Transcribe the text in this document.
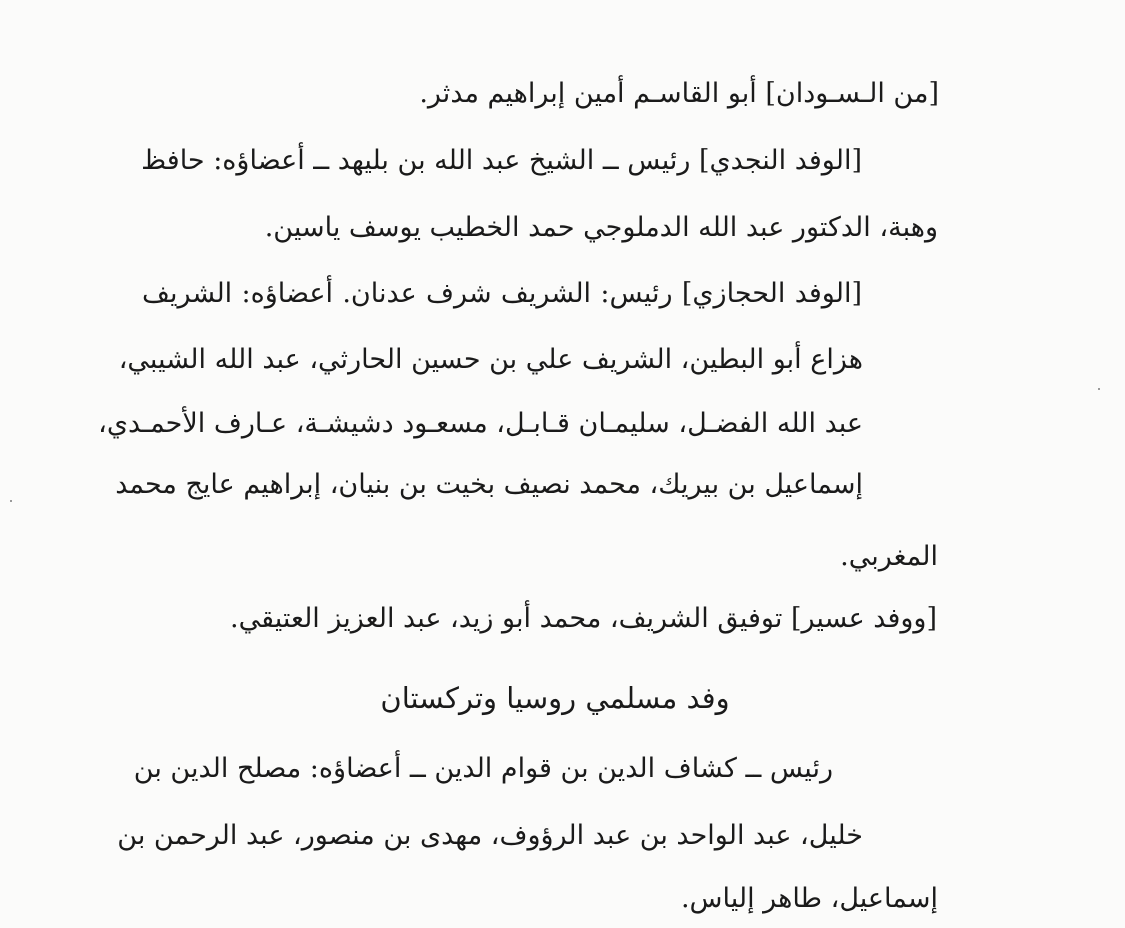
[من الـسـودان] أبو القاسـم أمين إبراهيم مدثر.
[الوفد النجدي] رئيس ــ الشيخ عبد الله بن بليهد ــ أعضاؤه: حافظ
وهبة، الدكتور عبد الله الدملوجي حمد الخطيب يوسف ياسين.
[الوفد الحجازي] رئيس: الشريف شرف عدنان. أعضاؤه: الشريف
هزاع أبو البطين، الشريف علي بن حسين الحارثي، عبد الله الشيبي،
عبد الله الفضـل، سليمـان قـابـل، مسعـود دشيشـة، عـارف الأحمـدي،
إسماعيل بن بيريك، محمد نصيف بخيت بن بنيان، إبراهيم عايج محمد
المغربي.
[ووفد عسير] توفيق الشريف، محمد أبو زيد، عبد العزيز العتيقي.
وفد مسلمي روسيا وتركستان
رئيس ــ كشاف الدين بن قوام الدين ــ أعضاؤه: مصلح الدين بن
خليل، عبد الواحد بن عبد الرؤوف، مهدى بن منصور، عبد الرحمن بن
إسماعيل، طاهر إلياس.
